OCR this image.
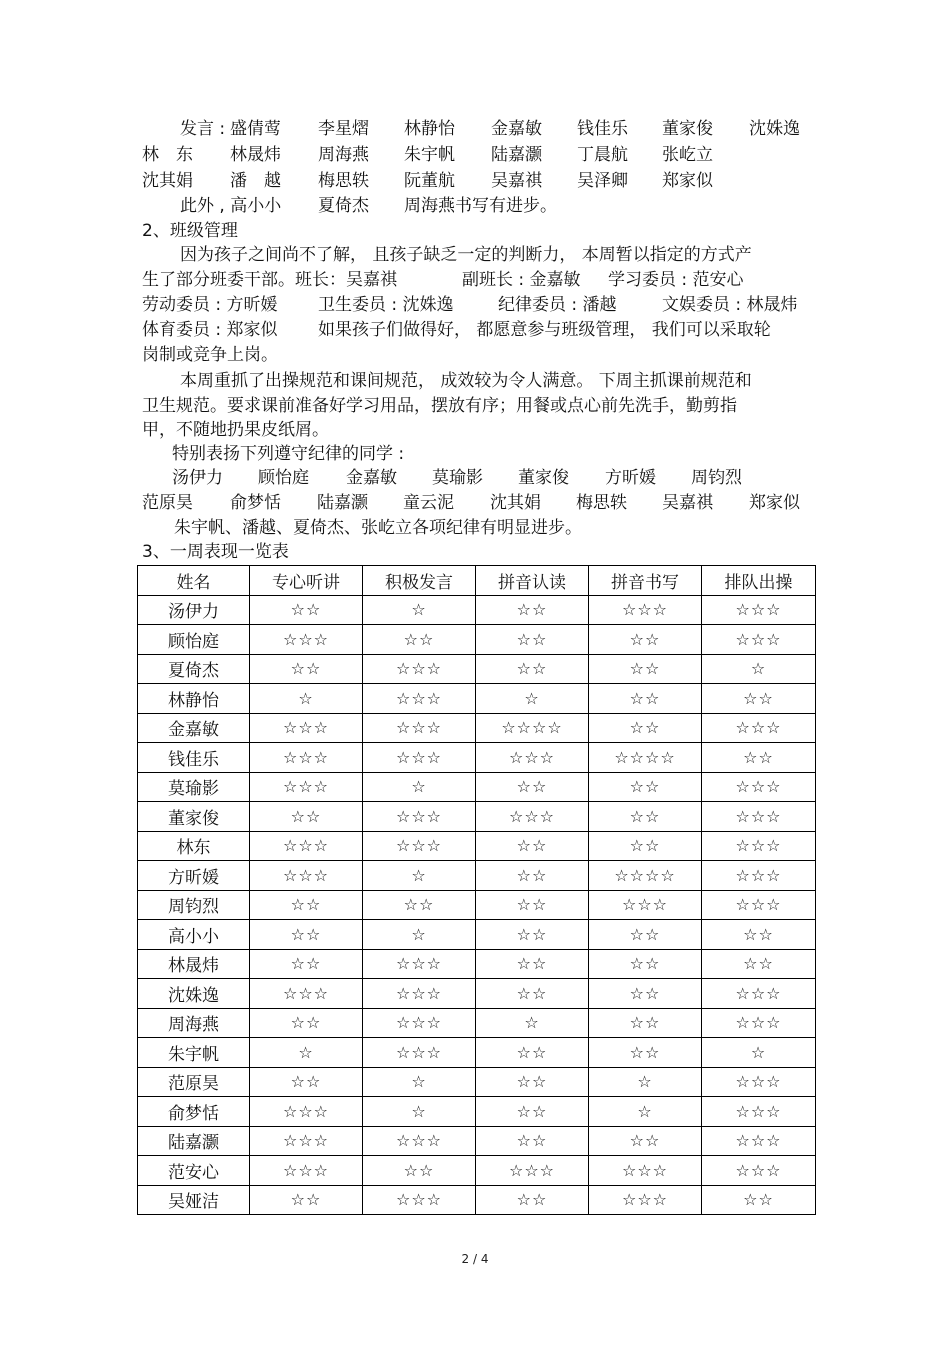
发言 : 盛倩莺 李星熠 林静怡 金嘉敏 钱佳乐 董家俊 沈姝逸
林　东 林晟炜 周海燕 朱宇帆 陆嘉灏 丁晨航 张屹立
沈其娟 潘　越 梅思轶 阮董航 吴嘉祺 吴泽卿 郑家似
此外 , 高小小 夏倚杰 周海燕书写有进步。
2、班级管理
因为孩子之间尚不了解， 且孩子缺乏一定的判断力， 本周暂以指定的方式产
生了部分班委干部。班长：吴嘉祺	副班长 : 金嘉敏 学习委员 : 范安心
劳动委员 : 方昕媛 卫生委员 : 沈姝逸	纪律委员 : 潘越	文娱委员 : 林晟炜
体育委员 : 郑家似 如果孩子们做得好， 都愿意参与班级管理， 我们可以采取轮
岗制或竞争上岗。
本周重抓了出操规范和课间规范， 成效较为令人满意。 下周主抓课前规范和
卫生规范。要求课前准备好学习用品，摆放有序；用餐或点心前先洗手，勤剪指
甲，不随地扔果皮纸屑。
特别表扬下列遵守纪律的同学 :
汤伊力 顾怡庭 金嘉敏 莫瑜影 董家俊 方昕媛 周钧烈
范原昊 俞梦恬 陆嘉灏 童云泥 沈其娟 梅思轶 吴嘉祺 郑家似
朱宇帆、潘越、夏倚杰、张屹立各项纪律有明显进步。
3、一周表现一览表
姓名	专心听讲	积极发言	拼音认读	拼音书写	排队出操
汤伊力	☆☆	☆	☆☆	☆☆☆	☆☆☆
顾怡庭	☆☆☆	☆☆	☆☆	☆☆	☆☆☆
夏倚杰	☆☆	☆☆☆	☆☆	☆☆	☆
林静怡	☆	☆☆☆	☆	☆☆	☆☆
金嘉敏	☆☆☆	☆☆☆	☆☆☆☆	☆☆	☆☆☆
钱佳乐	☆☆☆	☆☆☆	☆☆☆	☆☆☆☆	☆☆
莫瑜影	☆☆☆	☆	☆☆	☆☆	☆☆☆
董家俊	☆☆	☆☆☆	☆☆☆	☆☆	☆☆☆
林东	☆☆☆	☆☆☆	☆☆	☆☆	☆☆☆
方昕媛	☆☆☆	☆	☆☆	☆☆☆☆	☆☆☆
周钧烈	☆☆	☆☆	☆☆	☆☆☆	☆☆☆
高小小	☆☆	☆	☆☆	☆☆	☆☆
林晟炜	☆☆	☆☆☆	☆☆	☆☆	☆☆
沈姝逸	☆☆☆	☆☆☆	☆☆	☆☆	☆☆☆
周海燕	☆☆	☆☆☆	☆	☆☆	☆☆☆
朱宇帆	☆	☆☆☆	☆☆	☆☆	☆
范原昊	☆☆	☆	☆☆	☆	☆☆☆
俞梦恬	☆☆☆	☆	☆☆	☆	☆☆☆
陆嘉灏	☆☆☆	☆☆☆	☆☆	☆☆	☆☆☆
范安心	☆☆☆	☆☆	☆☆☆	☆☆☆	☆☆☆
吴娅洁	☆☆	☆☆☆	☆☆	☆☆☆	☆☆
2 / 4
